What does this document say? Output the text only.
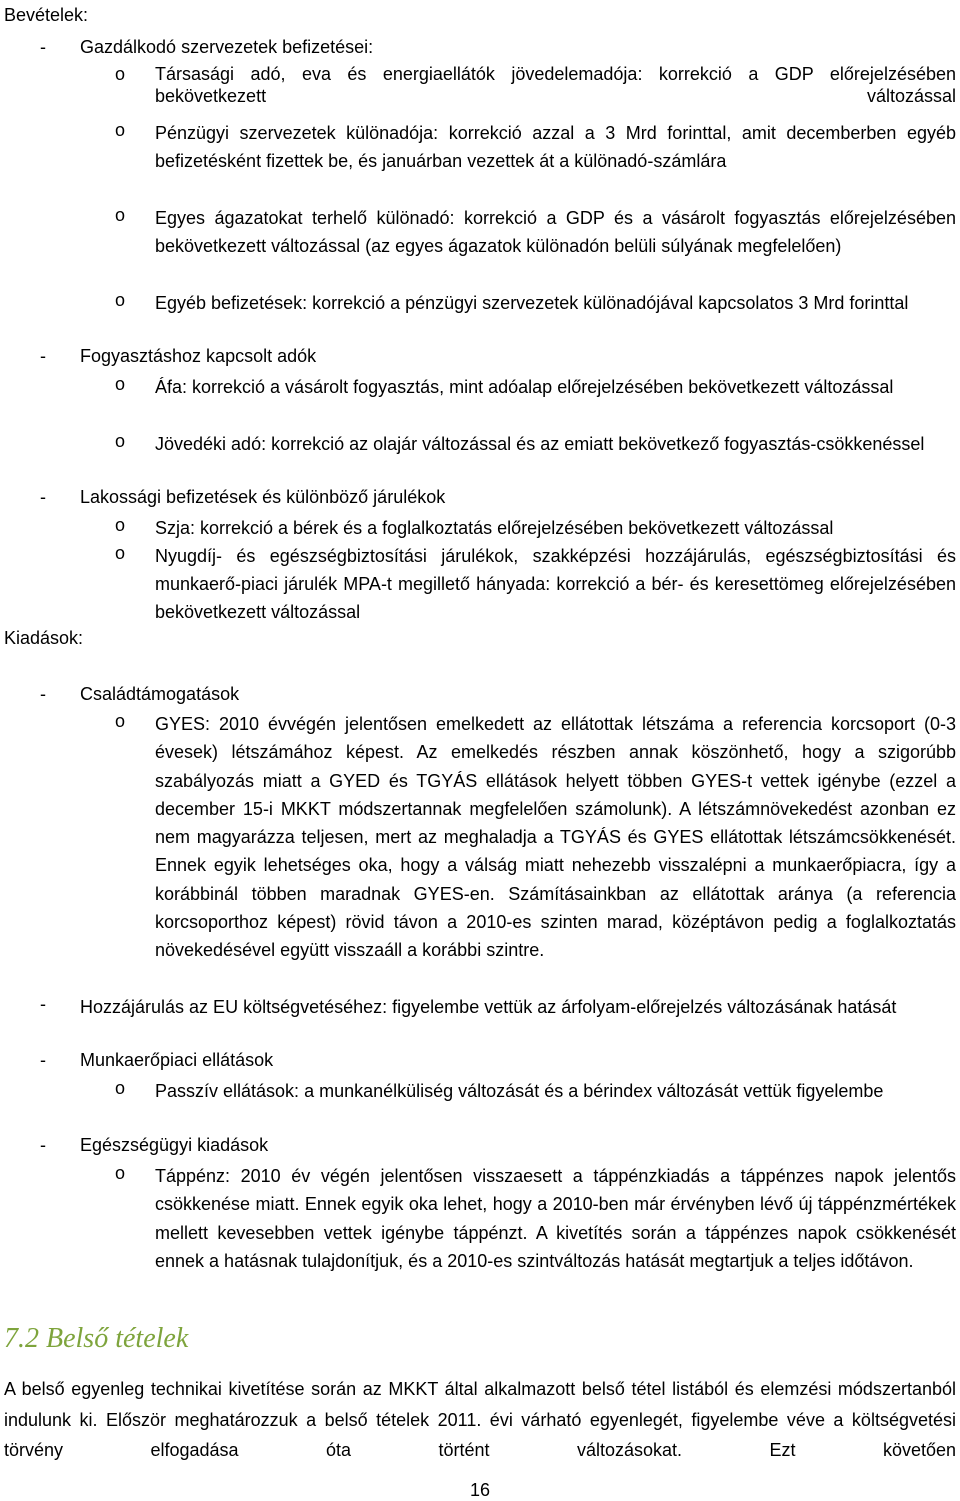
Bevételek:
- Gazdálkodó szervezetek befizetései:
o Társasági adó, eva és energiaellátók jövedelemadója: korrekció a GDP előrejelzésében bekövetkezett változással
o Pénzügyi szervezetek különadója: korrekció azzal a 3 Mrd forinttal, amit decemberben egyéb befizetésként fizettek be, és januárban vezettek át a különadó-számlára
o Egyes ágazatokat terhelő különadó: korrekció a GDP és a vásárolt fogyasztás előrejelzésében bekövetkezett változással (az egyes ágazatok különadón belüli súlyának megfelelően)
o Egyéb befizetések: korrekció a pénzügyi szervezetek különadójával kapcsolatos 3 Mrd forinttal
- Fogyasztáshoz kapcsolt adók
o Áfa: korrekció a vásárolt fogyasztás, mint adóalap előrejelzésében bekövetkezett változással
o Jövedéki adó: korrekció az olajár változással és az emiatt bekövetkező fogyasztás-csökkenéssel
- Lakossági befizetések és különböző járulékok
o Szja: korrekció a bérek és a foglalkoztatás előrejelzésében bekövetkezett változással
o Nyugdíj- és egészségbiztosítási járulékok, szakképzési hozzájárulás, egészségbiztosítási és munkaerő-piaci járulék MPA-t megillető hányada: korrekció a bér- és keresettömeg előrejelzésében bekövetkezett változással
Kiadások:
- Családtámogatások
o GYES: 2010 évvégén jelentősen emelkedett az ellátottak létszáma a referencia korcsoport (0-3 évesek) létszámához képest. Az emelkedés részben annak köszönhető, hogy a szigorúbb szabályozás miatt a GYED és TGYÁS ellátások helyett többen GYES-t vettek igénybe (ezzel a december 15-i MKKT módszertannak megfelelően számolunk). A létszámnövekedést azonban ez nem magyarázza teljesen, mert az meghaladja a TGYÁS és GYES ellátottak létszámcsökkenését. Ennek egyik lehetséges oka, hogy a válság miatt nehezebb visszalépni a munkaerőpiacra, így a korábbinál többen maradnak GYES-en. Számításainkban az ellátottak aránya (a referencia korcsoporthoz képest) rövid távon a 2010-es szinten marad, középtávon pedig a foglalkoztatás növekedésével együtt visszaáll a korábbi szintre.
- Hozzájárulás az EU költségvetéséhez: figyelembe vettük az árfolyam-előrejelzés változásának hatását
- Munkaerőpiaci ellátások
o Passzív ellátások: a munkanélküliség változását és a bérindex változását vettük figyelembe
- Egészségügyi kiadások
o Táppénz: 2010 év végén jelentősen visszaesett a táppénzkiadás a táppénzes napok jelentős csökkenése miatt. Ennek egyik oka lehet, hogy a 2010-ben már érvényben lévő új táppénzmértékek mellett kevesebben vettek igénybe táppénzt. A kivetítés során a táppénzes napok csökkenését ennek a hatásnak tulajdonítjuk, és a 2010-es szintváltozás hatását megtartjuk a teljes időtávon.
7.2 Belső tételek
A belső egyenleg technikai kivetítése során az MKKT által alkalmazott belső tétel listából és elemzési módszertanból indulunk ki. Először meghatározzuk a belső tételek 2011. évi várható egyenlegét, figyelembe véve a költségvetési törvény elfogadása óta történt változásokat. Ezt követően
16
